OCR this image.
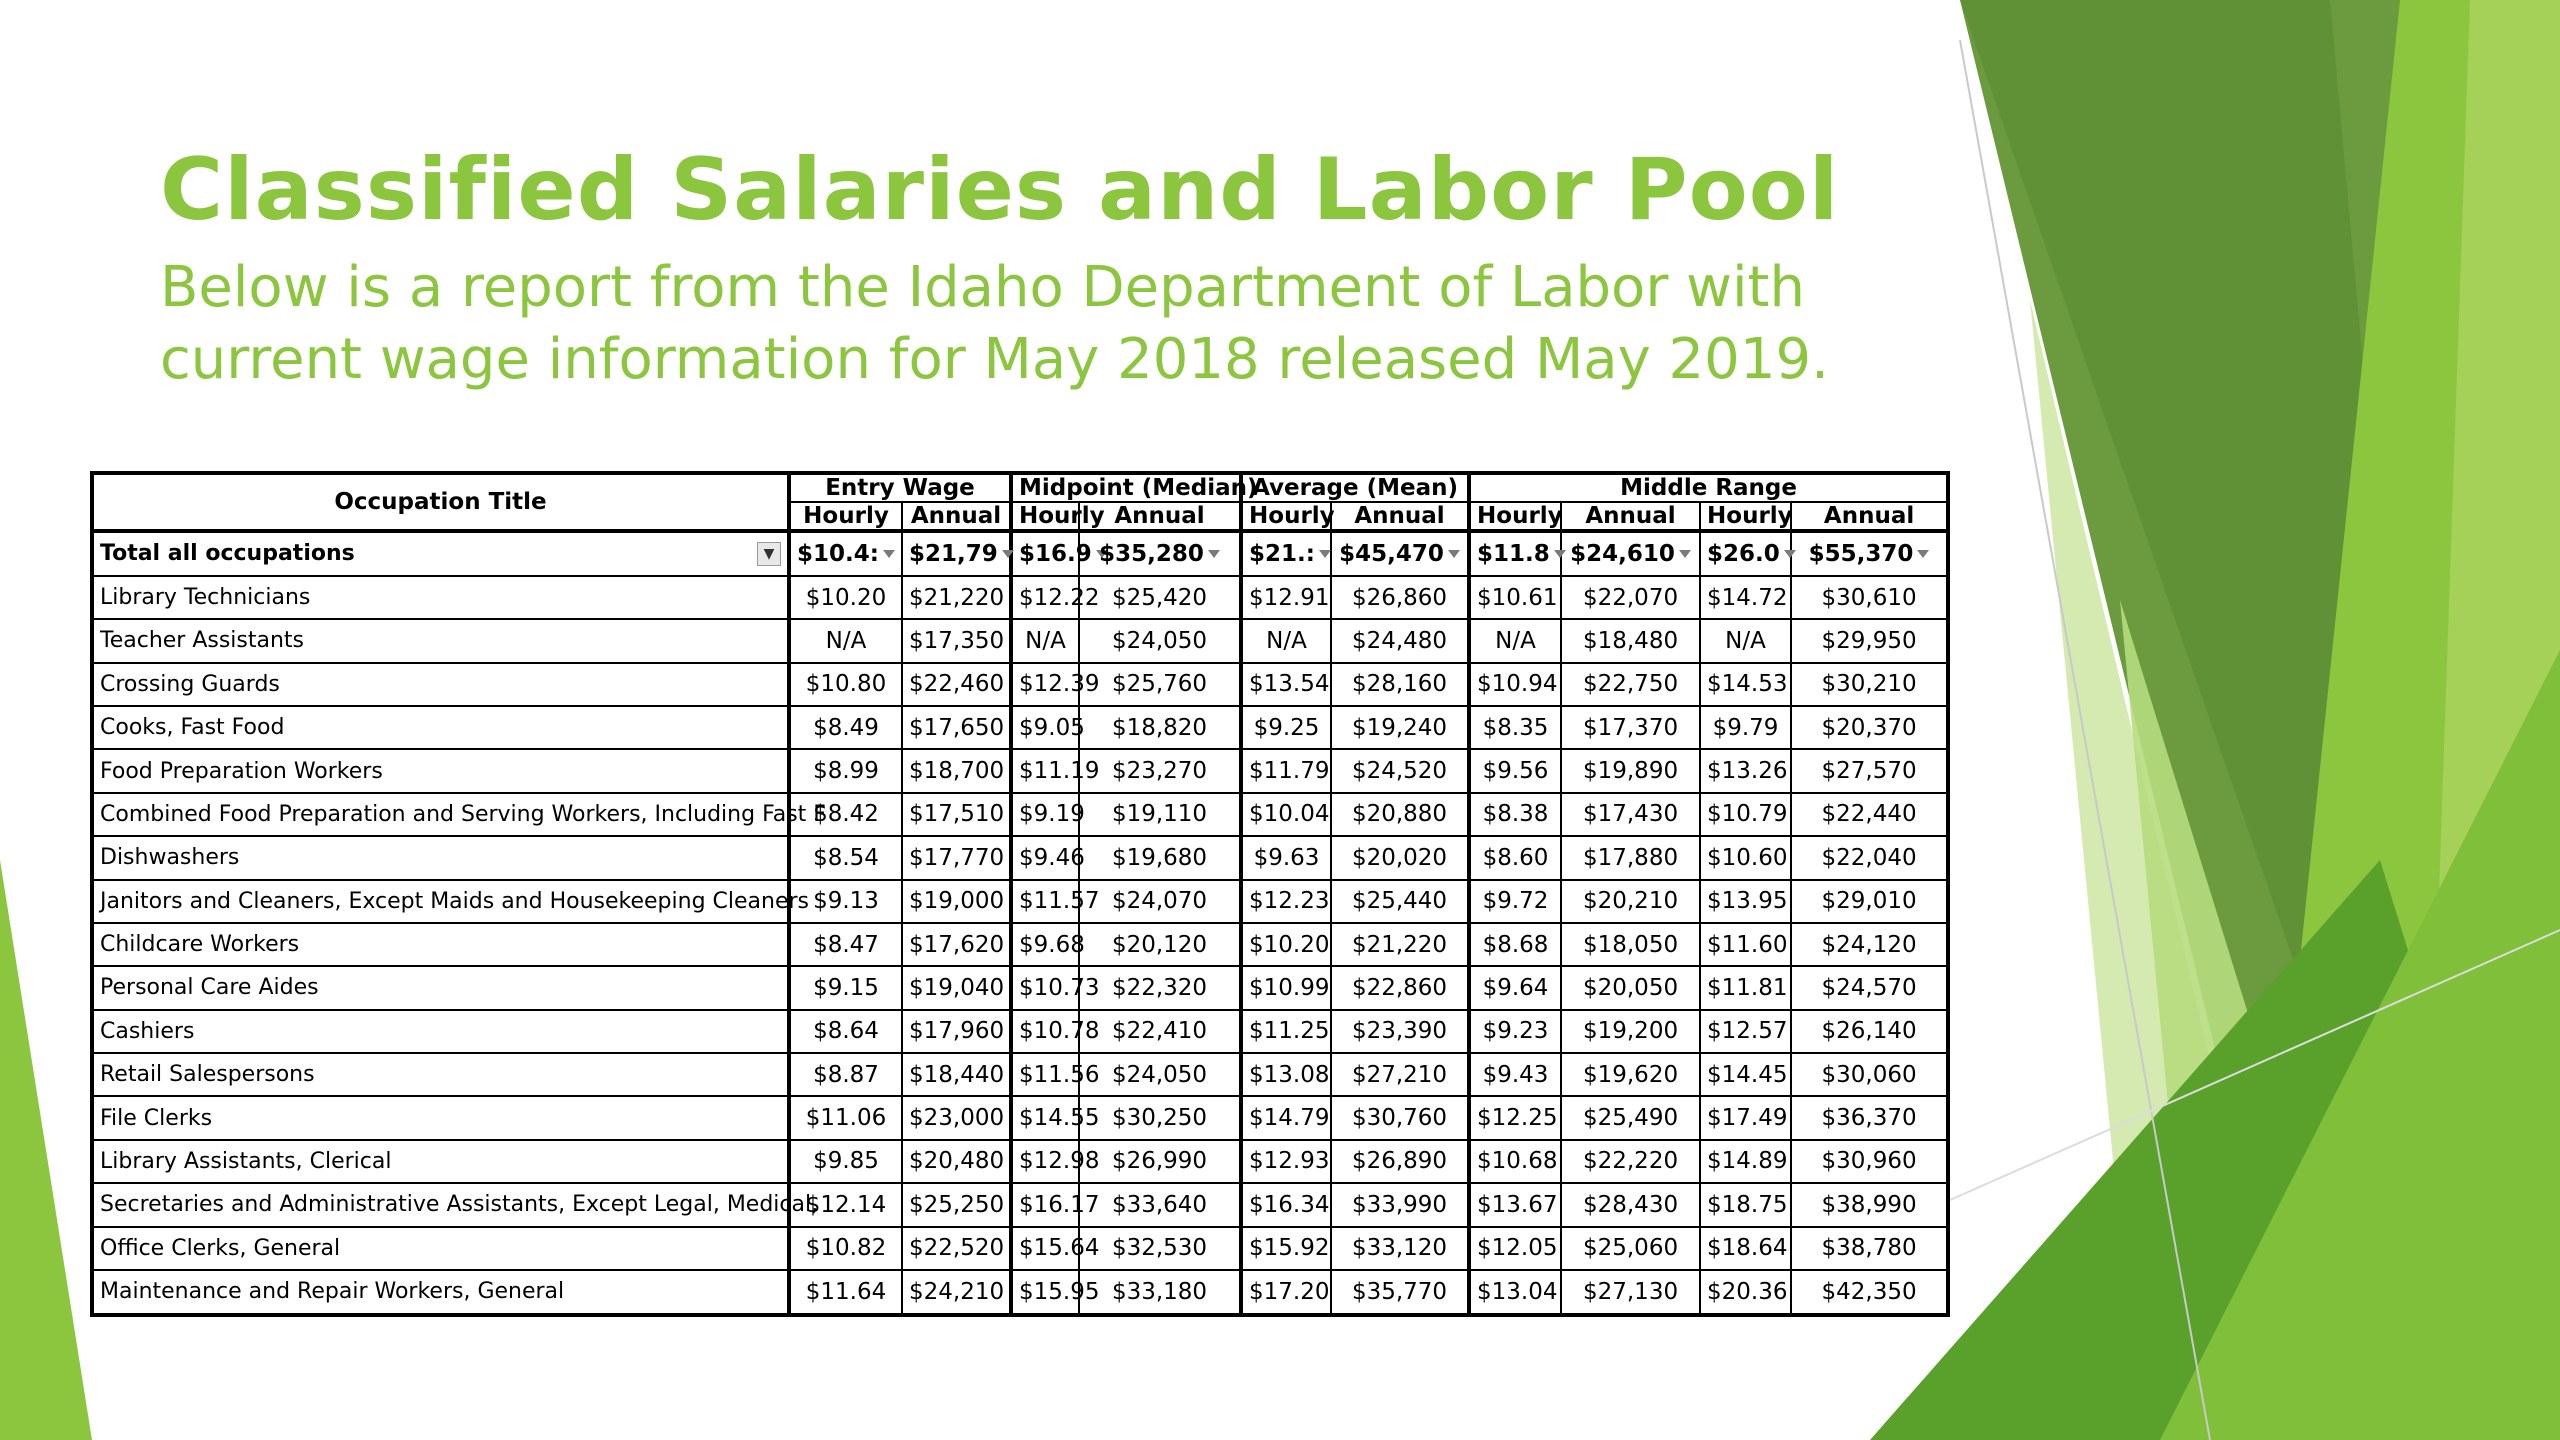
Classified Salaries and Labor Pool

Below is a report from the Idaho Department of Labor with current wage information for May 2018 released May 2019.

Occupation Title	Entry Wage		Midpoint (Median)		Average (Mean)		Middle Range			
	Hourly	Annual	Hourly	Annual	Hourly	Annual	Hourly	Annual	Hourly	Annual
Total all occupations ▼	$10.4:	$21,79	$16.9	$35,280	$21.:	$45,470	$11.8	$24,610	$26.0	$55,370

Library Technicians	$10.20	$21,220	$12.22	$25,420	$12.91	$26,860	$10.61	$22,070	$14.72	$30,610
Teacher Assistants	N/A	$17,350	N/A	$24,050	N/A	$24,480	N/A	$18,480	N/A	$29,950
Crossing Guards	$10.80	$22,460	$12.39	$25,760	$13.54	$28,160	$10.94	$22,750	$14.53	$30,210
Cooks, Fast Food	$8.49	$17,650	$9.05	$18,820	$9.25	$19,240	$8.35	$17,370	$9.79	$20,370
Food Preparation Workers	$8.99	$18,700	$11.19	$23,270	$11.79	$24,520	$9.56	$19,890	$13.26	$27,570
Combined Food Preparation and Serving Workers, Including Fast F	$8.42	$17,510	$9.19	$19,110	$10.04	$20,880	$8.38	$17,430	$10.79	$22,440
Dishwashers	$8.54	$17,770	$9.46	$19,680	$9.63	$20,020	$8.60	$17,880	$10.60	$22,040
Janitors and Cleaners, Except Maids and Housekeeping Cleaners	$9.13	$19,000	$11.57	$24,070	$12.23	$25,440	$9.72	$20,210	$13.95	$29,010
Childcare Workers	$8.47	$17,620	$9.68	$20,120	$10.20	$21,220	$8.68	$18,050	$11.60	$24,120
Personal Care Aides	$9.15	$19,040	$10.73	$22,320	$10.99	$22,860	$9.64	$20,050	$11.81	$24,570
Cashiers	$8.64	$17,960	$10.78	$22,410	$11.25	$23,390	$9.23	$19,200	$12.57	$26,140
Retail Salespersons	$8.87	$18,440	$11.56	$24,050	$13.08	$27,210	$9.43	$19,620	$14.45	$30,060
File Clerks	$11.06	$23,000	$14.55	$30,250	$14.79	$30,760	$12.25	$25,490	$17.49	$36,370
Library Assistants, Clerical	$9.85	$20,480	$12.98	$26,990	$12.93	$26,890	$10.68	$22,220	$14.89	$30,960
Secretaries and Administrative Assistants, Except Legal, Medical,	$12.14	$25,250	$16.17	$33,640	$16.34	$33,990	$13.67	$28,430	$18.75	$38,990
Office Clerks, General	$10.82	$22,520	$15.64	$32,530	$15.92	$33,120	$12.05	$25,060	$18.64	$38,780
Maintenance and Repair Workers, General	$11.64	$24,210	$15.95	$33,180	$17.20	$35,770	$13.04	$27,130	$20.36	$42,350
